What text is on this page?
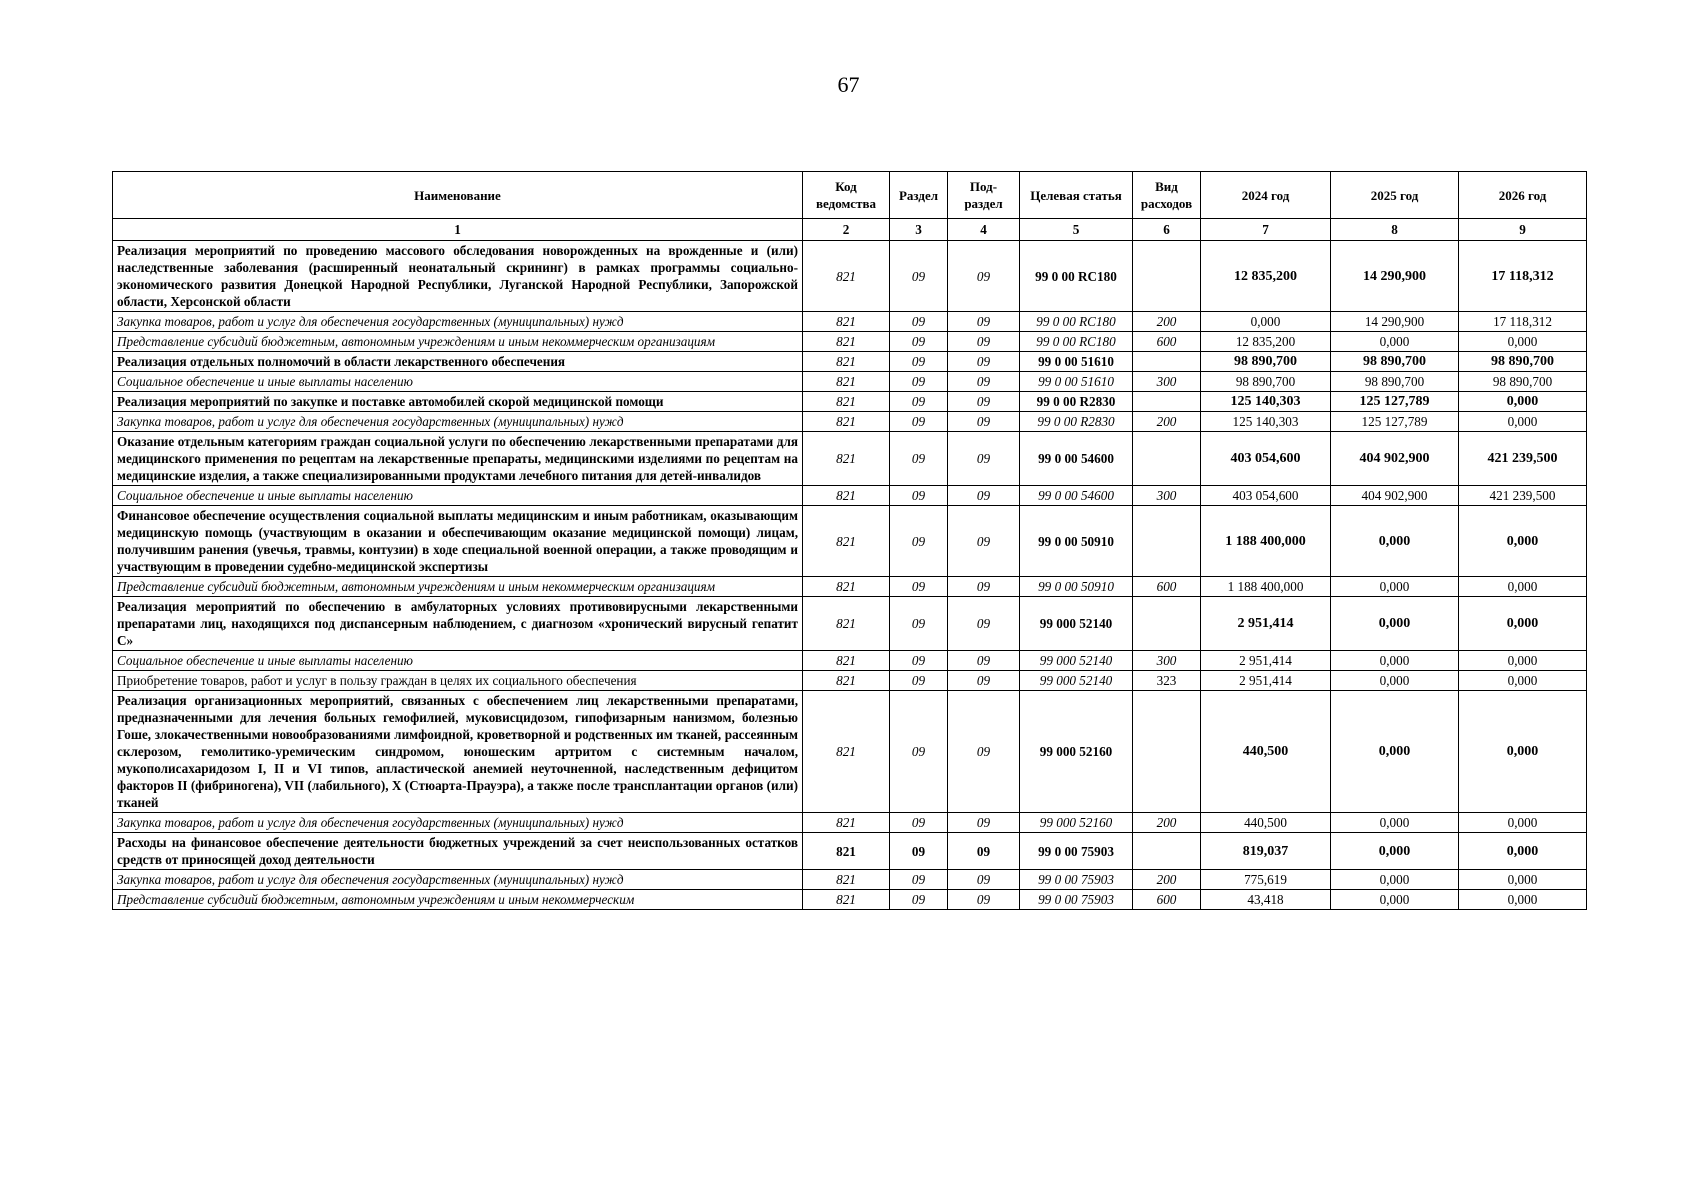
67
Наименование	Код ведомства	Раздел	Под-раздел	Целевая статья	Вид расходов	2024 год	2025 год	2026 год
1	2	3	4	5	6	7	8	9
Реализация мероприятий по проведению массового обследования новорожденных на врожденные и (или) наследственные заболевания (расширенный неонатальный скрининг) в рамках программы социально-экономического развития Донецкой Народной Республики, Луганской Народной Республики, Запорожской области, Херсонской области	821	09	09	99 0 00 RC180		12 835,200	14 290,900	17 118,312
Закупка товаров, работ и услуг для обеспечения государственных (муниципальных) нужд	821	09	09	99 0 00 RC180	200	0,000	14 290,900	17 118,312
Представление субсидий бюджетным, автономным учреждениям и иным некоммерческим организациям	821	09	09	99 0 00 RC180	600	12 835,200	0,000	0,000
Реализация отдельных полномочий в области лекарственного обеспечения	821	09	09	99 0 00 51610		98 890,700	98 890,700	98 890,700
Социальное обеспечение и иные выплаты населению	821	09	09	99 0 00 51610	300	98 890,700	98 890,700	98 890,700
Реализация мероприятий по закупке и поставке автомобилей скорой медицинской помощи	821	09	09	99 0 00 R2830		125 140,303	125 127,789	0,000
Закупка товаров, работ и услуг для обеспечения государственных (муниципальных) нужд	821	09	09	99 0 00 R2830	200	125 140,303	125 127,789	0,000
Оказание отдельным категориям граждан социальной услуги по обеспечению лекарственными препаратами для медицинского применения по рецептам на лекарственные препараты, медицинскими изделиями по рецептам на медицинские изделия, а также специализированными продуктами лечебного питания для детей-инвалидов	821	09	09	99 0 00 54600		403 054,600	404 902,900	421 239,500
Социальное обеспечение и иные выплаты населению	821	09	09	99 0 00 54600	300	403 054,600	404 902,900	421 239,500
Финансовое обеспечение осуществления социальной выплаты медицинским и иным работникам, оказывающим медицинскую помощь (участвующим в оказании и обеспечивающим оказание медицинской помощи) лицам, получившим ранения (увечья, травмы, контузии) в ходе специальной военной операции, а также проводящим и участвующим в проведении судебно-медицинской экспертизы	821	09	09	99 0 00 50910		1 188 400,000	0,000	0,000
Представление субсидий бюджетным, автономным учреждениям и иным некоммерческим организациям	821	09	09	99 0 00 50910	600	1 188 400,000	0,000	0,000
Реализация мероприятий по обеспечению в амбулаторных условиях противовирусными лекарственными препаратами лиц, находящихся под диспансерным наблюдением, с диагнозом «хронический вирусный гепатит С»	821	09	09	99 000 52140		2 951,414	0,000	0,000
Социальное обеспечение и иные выплаты населению	821	09	09	99 000 52140	300	2 951,414	0,000	0,000
Приобретение товаров, работ и услуг в пользу граждан в целях их социального обеспечения	821	09	09	99 000 52140	323	2 951,414	0,000	0,000
Реализация организационных мероприятий, связанных с обеспечением лиц лекарственными препаратами, предназначенными для лечения больных гемофилией, муковисцидозом, гипофизарным нанизмом, болезнью Гоше, злокачественными новообразованиями лимфоидной, кроветворной и родственных им тканей, рассеянным склерозом, гемолитико-уремическим синдромом, юношеским артритом с системным началом, мукополисахаридозом I, II и VI типов, апластической анемией неуточненной, наследственным дефицитом факторов II (фибриногена), VII (лабильного), X (Стюарта-Прауэра), а также после трансплантации органов (или) тканей	821	09	09	99 000 52160		440,500	0,000	0,000
Закупка товаров, работ и услуг для обеспечения государственных (муниципальных) нужд	821	09	09	99 000 52160	200	440,500	0,000	0,000
Расходы на финансовое обеспечение деятельности бюджетных учреждений за счет неиспользованных остатков средств от приносящей доход деятельности	821	09	09	99 0 00 75903		819,037	0,000	0,000
Закупка товаров, работ и услуг для обеспечения государственных (муниципальных) нужд	821	09	09	99 0 00 75903	200	775,619	0,000	0,000
Представление субсидий бюджетным, автономным учреждениям и иным некоммерческим	821	09	09	99 0 00 75903	600	43,418	0,000	0,000
